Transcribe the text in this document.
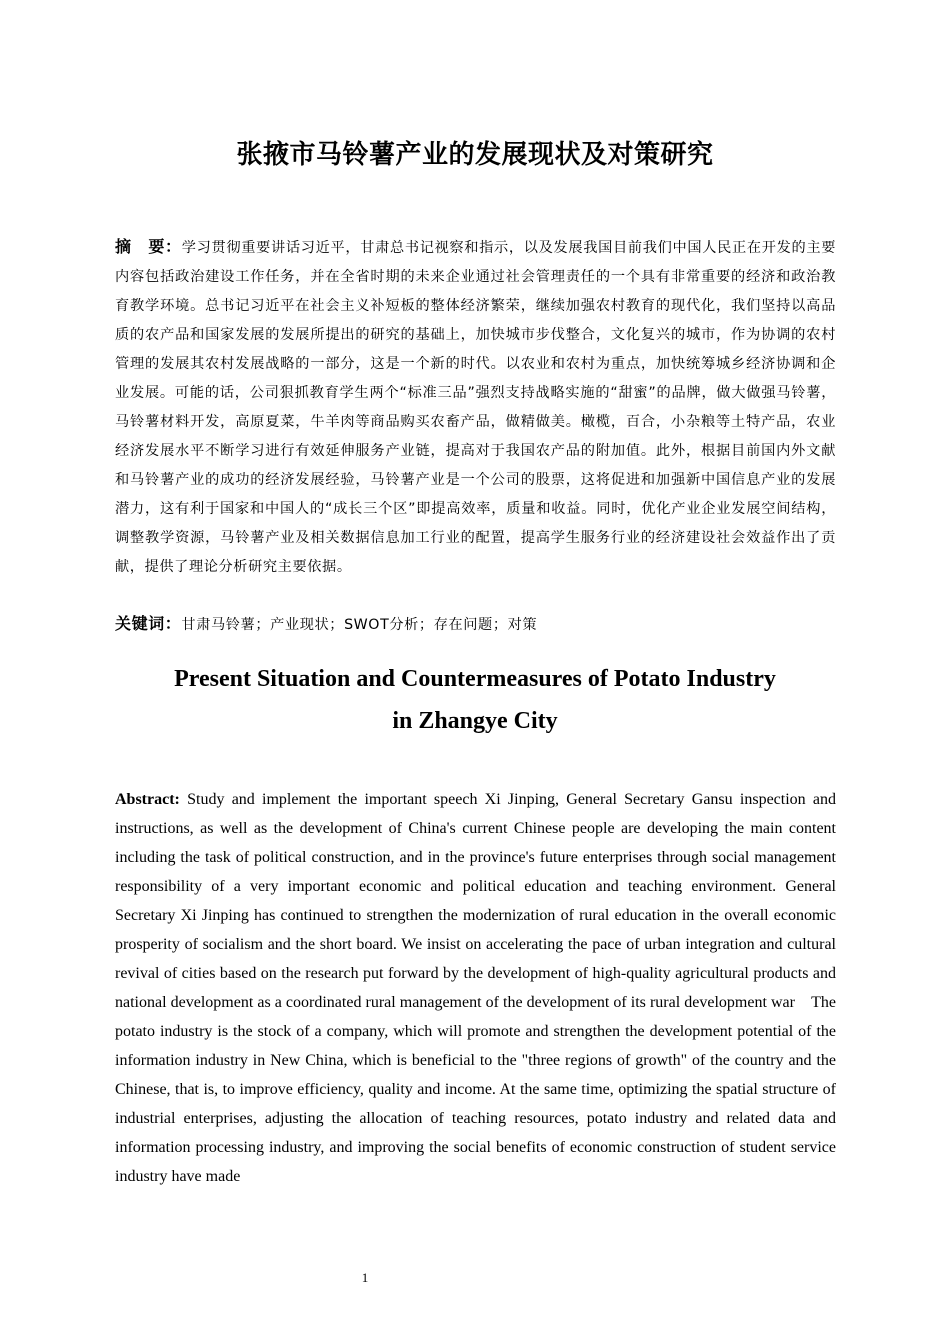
张掖市马铃薯产业的发展现状及对策研究

摘　要：学习贯彻重要讲话习近平，甘肃总书记视察和指示，以及发展我国目前我们中国人民正在开发的主要内容包括政治建设工作任务，并在全省时期的未来企业通过社会管理责任的一个具有非常重要的经济和政治教育教学环境。总书记习近平在社会主义补短板的整体经济繁荣，继续加强农村教育的现代化，我们坚持以高品质的农产品和国家发展的发展所提出的研究的基础上，加快城市步伐整合，文化复兴的城市，作为协调的农村管理的发展其农村发展战略的一部分，这是一个新的时代。以农业和农村为重点，加快统筹城乡经济协调和企业发展。可能的话，公司狠抓教育学生两个“标准三品”强烈支持战略实施的“甜蜜”的品牌，做大做强马铃薯，马铃薯材料开发，高原夏菜，牛羊肉等商品购买农畜产品，做精做美。橄榄，百合，小杂粮等土特产品，农业经济发展水平不断学习进行有效延伸服务产业链，提高对于我国农产品的附加值。此外，根据目前国内外文献和马铃薯产业的成功的经济发展经验，马铃薯产业是一个公司的股票，这将促进和加强新中国信息产业的发展潜力，这有利于国家和中国人的“成长三个区”即提高效率，质量和收益。同时，优化产业企业发展空间结构，调整教学资源，马铃薯产业及相关数据信息加工行业的配置，提高学生服务行业的经济建设社会效益作出了贡献，提供了理论分析研究主要依据。

关键词：甘肃马铃薯；产业现状；SWOT分析；存在问题；对策

Present Situation and Countermeasures of Potato Industry
in Zhangye City

Abstract: Study and implement the important speech Xi Jinping, General Secretary Gansu inspection and instructions, as well as the development of China's current Chinese people are developing the main content including the task of political construction, and in the province's future enterprises through social management responsibility of a very important economic and political education and teaching environment. General Secretary Xi Jinping has continued to strengthen the modernization of rural education in the overall economic prosperity of socialism and the short board. We insist on accelerating the pace of urban integration and cultural revival of cities based on the research put forward by the development of high-quality agricultural products and national development as a coordinated rural management of the development of its rural development war　The potato industry is the stock of a company, which will promote and strengthen the development potential of the information industry in New China, which is beneficial to the "three regions of growth" of the country and the Chinese, that is, to improve efficiency, quality and income. At the same time, optimizing the spatial structure of industrial enterprises, adjusting the allocation of teaching resources, potato industry and related data and information processing industry, and improving the social benefits of economic construction of student service industry have made

1
